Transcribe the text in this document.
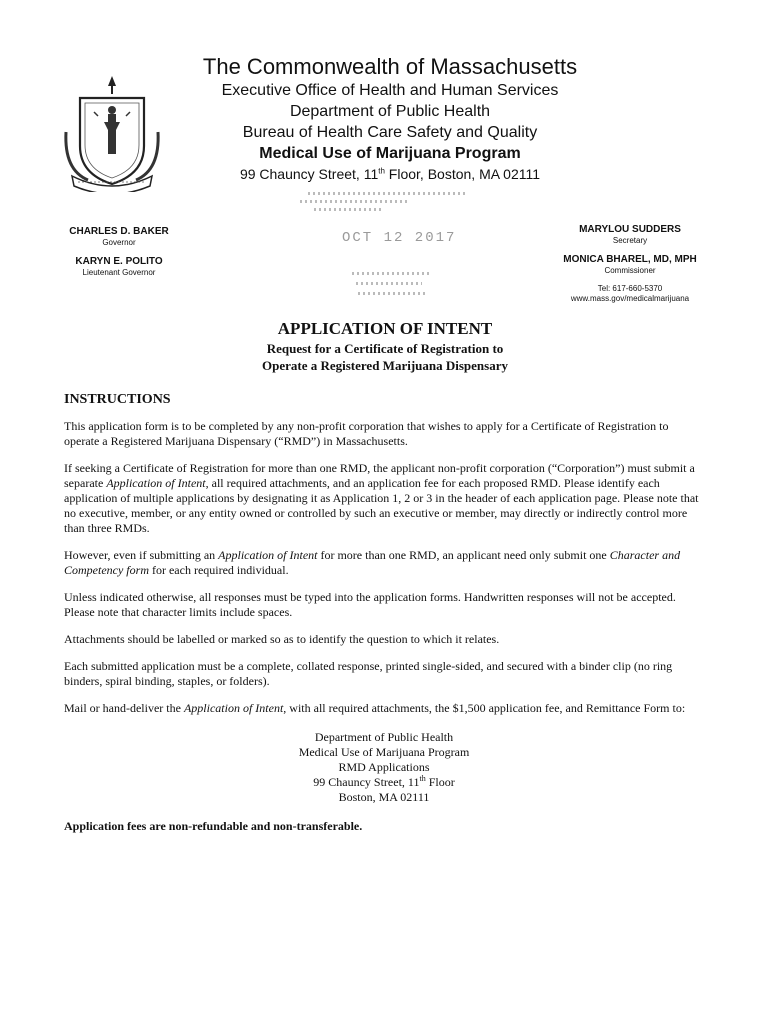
The Commonwealth of Massachusetts

Executive Office of Health and Human Services

Department of Public Health

Bureau of Health Care Safety and Quality

Medical Use of Marijuana Program

99 Chauncy Street, 11th Floor, Boston, MA 02111

CHARLES D. BAKER
Governor
KARYN E. POLITO
Lieutenant Governor
OCT 12 2017
MARYLOU SUDDERS
Secretary
MONICA BHAREL, MD, MPH
Commissioner
Tel: 617-660-5370
www.mass.gov/medicalmarijuana
APPLICATION OF INTENT
Request for a Certificate of Registration to
Operate a Registered Marijuana Dispensary
INSTRUCTIONS

This application form is to be completed by any non-profit corporation that wishes to apply for a Certificate of Registration to operate a Registered Marijuana Dispensary (“RMD”) in Massachusetts.

If seeking a Certificate of Registration for more than one RMD, the applicant non-profit corporation (“Corporation”) must submit a separate Application of Intent, all required attachments, and an application fee for each proposed RMD. Please identify each application of multiple applications by designating it as Application 1, 2 or 3 in the header of each application page. Please note that no executive, member, or any entity owned or controlled by such an executive or member, may directly or indirectly control more than three RMDs.

However, even if submitting an Application of Intent for more than one RMD, an applicant need only submit one Character and Competency form for each required individual.

Unless indicated otherwise, all responses must be typed into the application forms. Handwritten responses will not be accepted. Please note that character limits include spaces.

Attachments should be labelled or marked so as to identify the question to which it relates.

Each submitted application must be a complete, collated response, printed single-sided, and secured with a binder clip (no ring binders, spiral binding, staples, or folders).

Mail or hand-deliver the Application of Intent, with all required attachments, the $1,500 application fee, and Remittance Form to:

Department of Public Health
Medical Use of Marijuana Program
RMD Applications
99 Chauncy Street, 11th Floor
Boston, MA 02111

Application fees are non-refundable and non-transferable.
